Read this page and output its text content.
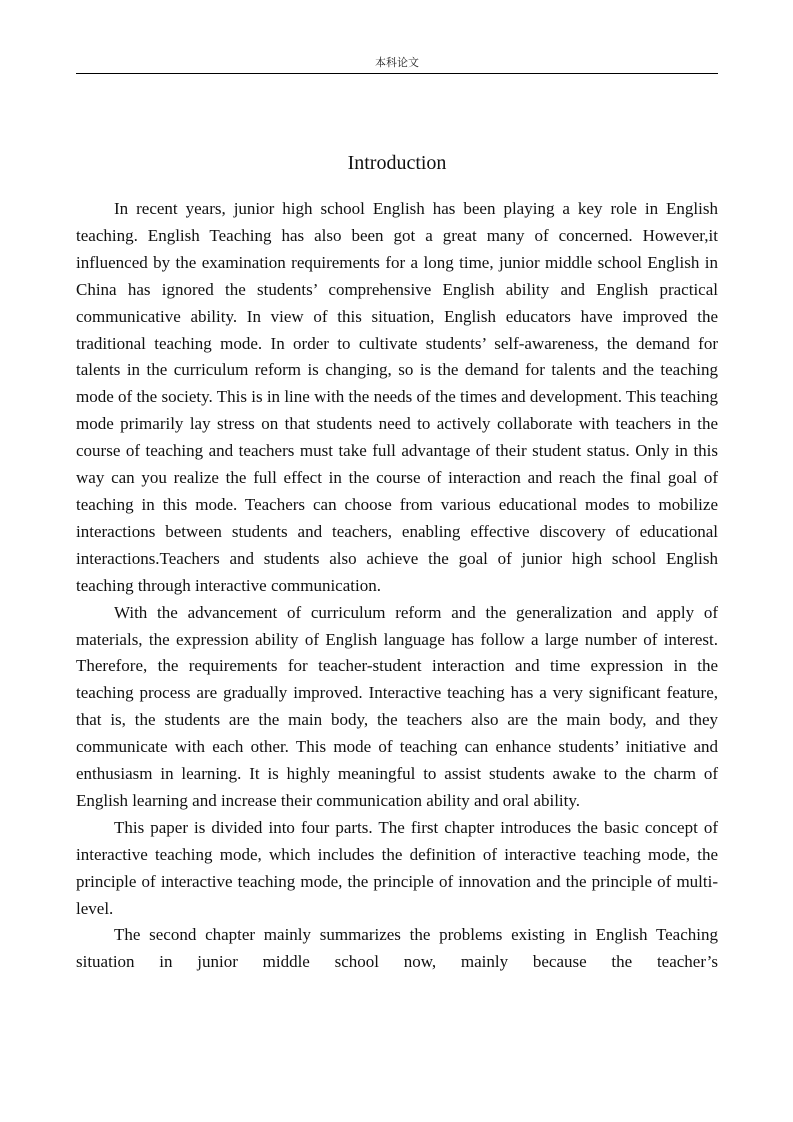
本科论文
Introduction

In recent years, junior high school English has been playing a key role in English teaching. English Teaching has also been got a great many of concerned. However,it influenced by the examination requirements for a long time, junior middle school English in China has ignored the students’ comprehensive English ability and English practical communicative ability. In view of this situation, English educators have improved the traditional teaching mode. In order to cultivate students’ self-awareness, the demand for talents in the curriculum reform is changing, so is the demand for talents and the teaching mode of the society. This is in line with the needs of the times and development. This teaching mode primarily lay stress on that students need to actively collaborate with teachers in the course of teaching and teachers must take full advantage of their student status. Only in this way can you realize the full effect in the course of interaction and reach the final goal of teaching in this mode. Teachers can choose from various educational modes to mobilize interactions between students and teachers, enabling effective discovery of educational interactions.Teachers and students also achieve the goal of junior high school English teaching through interactive communication.

With the advancement of curriculum reform and the generalization and apply of materials, the expression ability of English language has follow a large number of interest. Therefore, the requirements for teacher-student interaction and time expression in the teaching process are gradually improved. Interactive teaching has a very significant feature, that is, the students are the main body, the teachers also are the main body, and they communicate with each other. This mode of teaching can enhance students’ initiative and enthusiasm in learning. It is highly meaningful to assist students awake to the charm of English learning and increase their communication ability and oral ability.

This paper is divided into four parts. The first chapter introduces the basic concept of interactive teaching mode, which includes the definition of interactive teaching mode, the principle of interactive teaching mode, the principle of innovation and the principle of multi-level.

The second chapter mainly summarizes the problems existing in English Teaching situation in junior middle school now, mainly because the teacher’s
